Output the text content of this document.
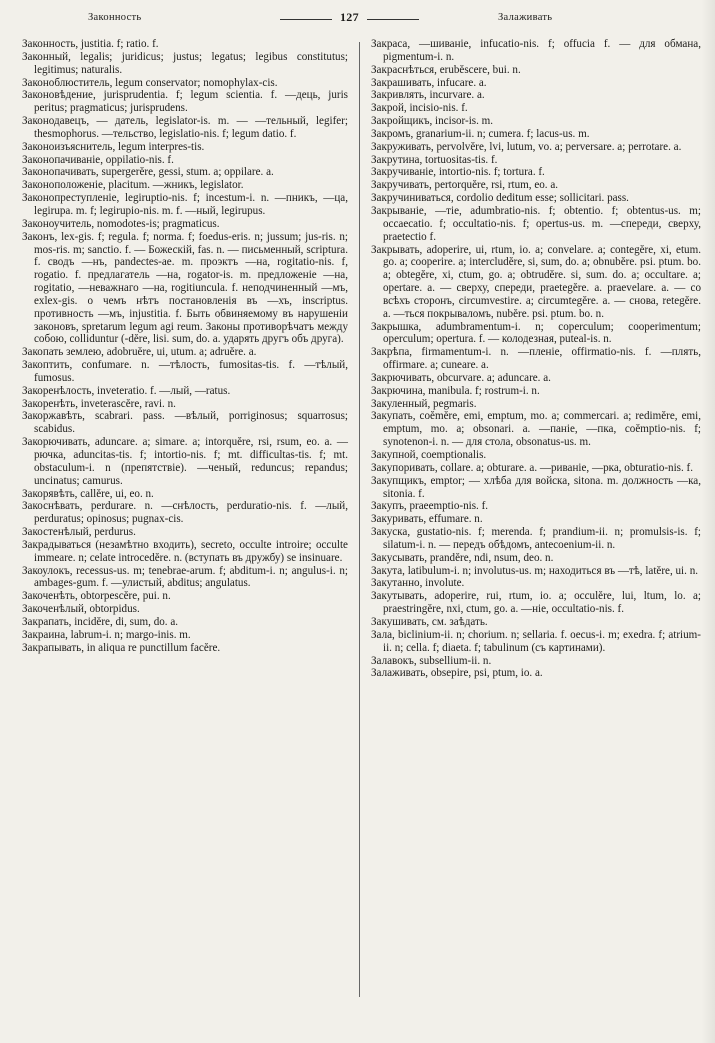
Законность	127	Залаживать

Законность, justitia. f; ratio. f.

Законный, legalis; juridicus; justus; legatus; legibus constitutus; legitimus; naturalis.

Законоблюститель, legum conservator; nomophylax-cis.

Законовѣдение, jurisprudentia. f; legum scientia. f. —дець, juris peritus; pragmaticus; jurisprudens.

Законодавецъ, — датель, legislator-is. m. — —тельный, legifer; thesmophorus. —тельство, legislatio-nis. f; legum datio. f.

Законоизъяснитель, legum interpres-tis.

Законопачиваніе, oppilatio-nis. f.

Законопачивать, supergerĕre, gessi, stum. a; oppilare. a.

Законоположеніе, placitum. —жникъ, legislator.

Законопреступленіе, legiruptio-nis. f; incestum-i. n. —пникъ, —ца, legirupa. m. f; legirupio-nis. m. f. —ный, legirupus.

Законоучитель, nomodotes-is; pragmaticus.

Законъ, lex-gis. f; regula. f; norma. f; foedus-eris. n; jussum; jus-ris. n; mos-ris. m; sanctio. f. — Божескій, fas. n. — письменный, scriptura. f. сводъ —нъ, pandectes-ae. m. проэктъ —на, rogitatio-nis. f, rogatio. f. предлагатель —на, rogator-is. m. предложеніе —на, rogitatio, —неважнаго —на, rogitiuncula. f. неподчиненный —мъ, exlex-gis. о чемъ нѣтъ постановленія въ —хъ, inscriptus. противность —мъ, injustitia. f. Быть обвиняемому въ нарушеніи законовъ, spretarum legum agi reum. Законы противорѣчатъ между собою, colliduntur (-dĕre, lisi. sum, do. a. ударять другъ объ друга).

Закопать землею, adobruĕre, ui, utum. a; adruĕre. a.

Закоптить, confumare. n. —тѣлость, fumositas-tis. f. —тѣлый, fumosus.

Закоренѣлость, inveteratio. f. —лый, —ratus.

Закоренѣть, inveterascĕre, ravi. n.

Закоржавѣть, scabrari. pass. —вѣлый, porriginosus; squarrosus; scabidus.

Закорючивать, aduncare. a; simare. a; intorquĕre, rsi, rsum, eo. a. —рючка, aduncitas-tis. f; intortio-nis. f; mt. difficultas-tis. f; mt. obstaculum-i. n (препятствіе). —ченый, reduncus; repandus; uncinatus; camurus.

Закорявѣть, callĕre, ui, eo. n.

Закоснѣвать, perdurare. n. —снѣлость, perduratio-nis. f. —лый, perduratus; opinosus; pugnax-cis.

Закостенѣлый, perdurus.

Закрадываться (незамѣтно входить), secreto, occulte introire; occulte immeare. n; celate introcedĕre. n. (вступать въ дружбу) se insinuare.

Закоулокъ, recessus-us. m; tenebrae-arum. f; abditum-i. n; angulus-i. n; ambages-gum. f. —улистый, abditus; angulatus.

Закоченѣть, obtorpescĕre, pui. n.

Закоченѣлый, obtorpidus.

Закрапать, incidĕre, di, sum, do. a.

Закраина, labrum-i. n; margo-inis. m.

Закрапывать, in aliqua re punctillum facĕre.

Закраса, —шиваніе, infucatio-nis. f; offucia f. — для обмана, pigmentum-i. n.

Закраснѣться, erubĕscere, bui. n.

Закрашивать, infucare. a.

Закривлять, incurvare. a.

Закрой, incisio-nis. f.

Закройщикъ, incisor-is. m.

Закромъ, granarium-ii. n; cumera. f; lacus-us. m.

Закруживать, pervolvĕre, lvi, lutum, vo. a; perversare. a; perrotare. a.

Закрутина, tortuositas-tis. f.

Закручиваніе, intortio-nis. f; tortura. f.

Закручивать, pertorquĕre, rsi, rtum, eo. a.

Закручиниваться, cordolio deditum esse; sollicitari. pass.

Закрываніе, —тіе, adumbratio-nis. f; obtentio. f; obtentus-us. m; occaecatio. f; occultatio-nis. f; opertus-us. m. —спереди, сверху, praetectio f.

Закрывать, adoperire, ui, rtum, io. a; convelare. a; contegĕre, xi, etum. go. a; cooperire. a; intercludĕre, si, sum, do. a; obnubĕre. psi. ptum. bo. a; obtegĕre, xi, ctum, go. a; obtrudĕre. si, sum. do. a; occultare. a; opertare. a. — сверху, спереди, praetegĕre. a. praevelare. a. — со всѣхъ сторонъ, circumvestire. a; circumtegĕre. a. — снова, retegĕre. a. —ться покрываломъ, nubĕre. psi. ptum. bo. n.

Закрышка, adumbramentum-i. n; coperculum; cooperimentum; operculum; opertura. f. — колодезная, puteal-is. n.

Закрѣпа, firmamentum-i. n. —пленіе, offirmatio-nis. f. —плять, offirmare. a; cuneare. a.

Закрючивать, obcurvare. a; aduncare. a.

Закрючина, manibula. f; rostrum-i. n.

Закуленный, pegmaris.

Закупать, coĕmĕre, emi, emptum, mo. a; commercari. a; redimĕre, emi, emptum, mo. a; obsonari. a. —паніе, —пка, coĕmptio-nis. f; synotenon-i. n. — для стола, obsonatus-us. m.

Закупной, coemptionalis.

Закупоривать, collare. a; obturare. a. —риваніе, —рка, obturatio-nis. f.

Закупщикъ, emptor; — хлѣба для войска, sitona. m. должность —ка, sitonia. f.

Закупъ, praeemptio-nis. f.

Закуривать, effumare. n.

Закуска, gustatio-nis. f; merenda. f; prandium-ii. n; promulsis-is. f; silatum-i. n. — передъ обѣдомъ, antecoenium-ii. n.

Закусывать, prandĕre, ndi, nsum, deo. n.

Закута, latibulum-i. n; involutus-us. m; находиться въ —тѣ, latĕre, ui. n.

Закутанно, involute.

Закутывать, adoperire, rui, rtum, io. a; occulĕre, lui, ltum, lo. a; praestringĕre, nxi, ctum, go. a. —ніе, occultatio-nis. f.

Закушивать, см. заѣдать.

Зала, biclinium-ii. n; chorium. n; sellaria. f. oecus-i. m; exedra. f; atrium-ii. n; cella. f; diaeta. f; tabulinum (съ картинами).

Залавокъ, subsellium-ii. n.

Залаживать, obsepire, psi, ptum, io. a.
